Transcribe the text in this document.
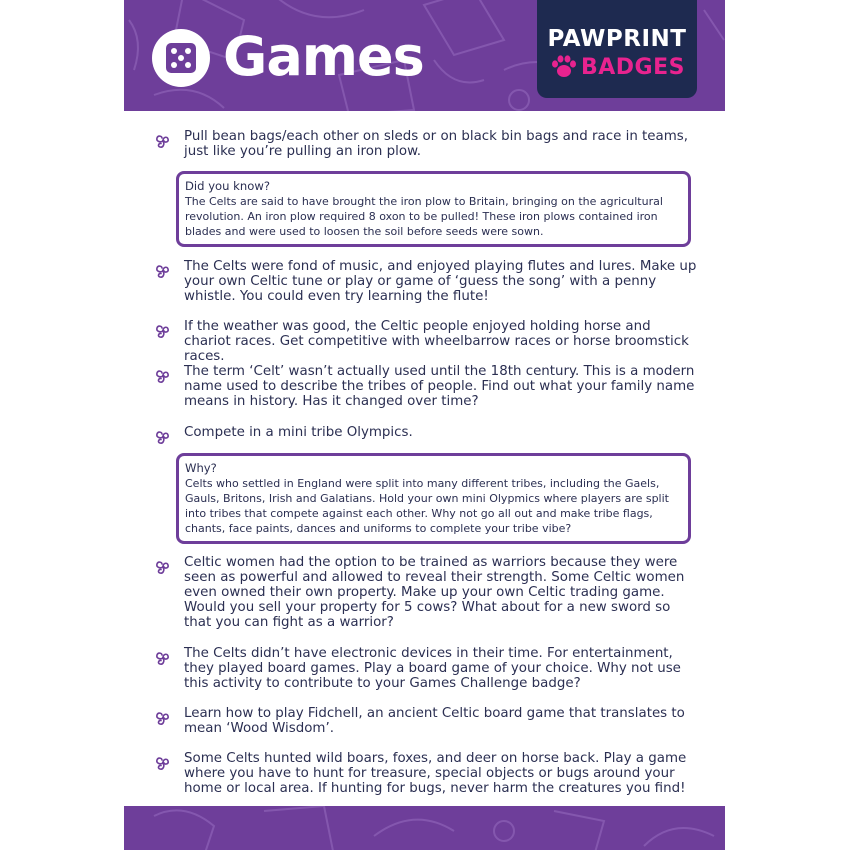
Games	PAWPRINT
BADGES
Pull bean bags/each other on sleds or on black bin bags and race in teams, just like you’re pulling an iron plow.
Did you know?
The Celts are said to have brought the iron plow to Britain, bringing on the agricultural revolution. An iron plow required 8 oxon to be pulled! These iron plows contained iron blades and were used to loosen the soil before seeds were sown.
The Celts were fond of music, and enjoyed playing flutes and lures. Make up your own Celtic tune or play or game of ‘guess the song’ with a penny whistle. You could even try learning the flute!
If the weather was good, the Celtic people enjoyed holding horse and chariot races. Get competitive with wheelbarrow races or horse broomstick races.
The term ‘Celt’ wasn’t actually used until the 18th century. This is a modern name used to describe the tribes of people. Find out what your family name means in history. Has it changed over time?
Compete in a mini tribe Olympics.
Why?
Celts who settled in England were split into many different tribes, including the Gaels, Gauls, Britons, Irish and Galatians. Hold your own mini Olypmics where players are split into tribes that compete against each other. Why not go all out and make tribe flags, chants, face paints, dances and uniforms to complete your tribe vibe?
Celtic women had the option to be trained as warriors because they were seen as powerful and allowed to reveal their strength. Some Celtic women even owned their own property. Make up your own Celtic trading game. Would you sell your property for 5 cows? What about for a new sword so that you can fight as a warrior?
The Celts didn’t have electronic devices in their time. For entertainment, they played board games. Play a board game of your choice. Why not use this activity to contribute to your Games Challenge badge?
Learn how to play Fidchell, an ancient Celtic board game that translates to mean ‘Wood Wisdom’.
Some Celts hunted wild boars, foxes, and deer on horse back. Play a game where you have to hunt for treasure, special objects or bugs around your home or local area. If hunting for bugs, never harm the creatures you find!
